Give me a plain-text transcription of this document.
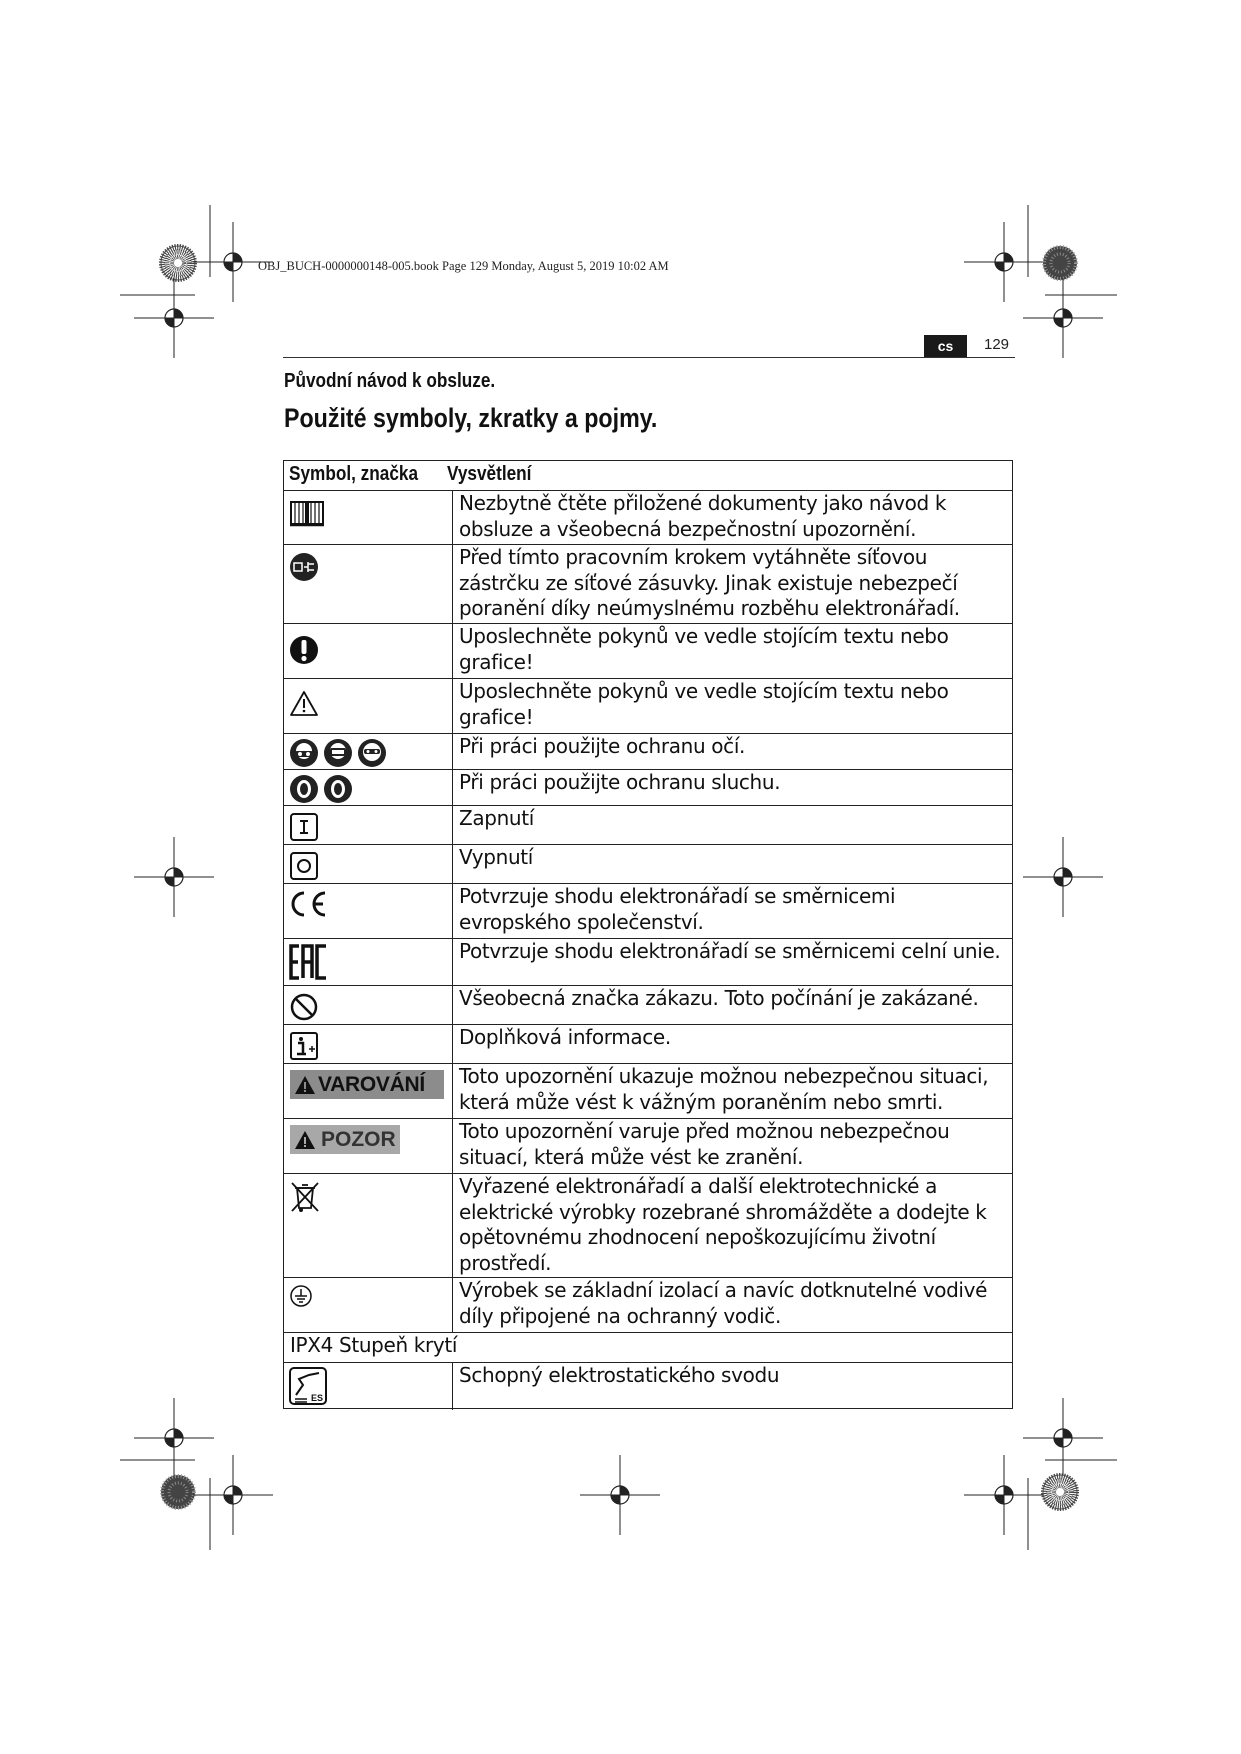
OBJ_BUCH-0000000148-005.book Page 129 Monday, August 5, 2019 10:02 AM
cs	129
Původní návod k obsluze.
Použité symboly, zkratky a pojmy.
Symbol, značka Vysvětlení
Nezbytně čtěte přiložené dokumenty jako návod k obsluze a všeobecná bezpečnostní upozornění.
Před tímto pracovním krokem vytáhněte síťovou zástrčku ze síťové zásuvky. Jinak existuje nebezpečí poranění díky neúmyslnému rozběhu elektronářadí.
Uposlechněte pokynů ve vedle stojícím textu nebo grafice!
Uposlechněte pokynů ve vedle stojícím textu nebo grafice!
Při práci použijte ochranu očí.
Při práci použijte ochranu sluchu.
Zapnutí
Vypnutí
Potvrzuje shodu elektronářadí se směrnicemi evropského společenství.
Potvrzuje shodu elektronářadí se směrnicemi celní unie.
Všeobecná značka zákazu. Toto počínání je zakázané.
Doplňková informace.
VAROVÁNÍ Toto upozornění ukazuje možnou nebezpečnou situaci, která může vést k vážným poraněním nebo smrti.
POZOR	Toto upozornění varuje před možnou nebezpečnou situací, která může vést ke zranění.
Vyřazené elektronářadí a další elektrotechnické a elektrické výrobky rozebrané shromážděte a dodejte k opětovnému zhodnocení nepoškozujícímu životní prostředí.
Výrobek se základní izolací a navíc dotknutelné vodivé díly připojené na ochranný vodič.
IPX4 Stupeň krytí
ES
Schopný elektrostatického svodu
